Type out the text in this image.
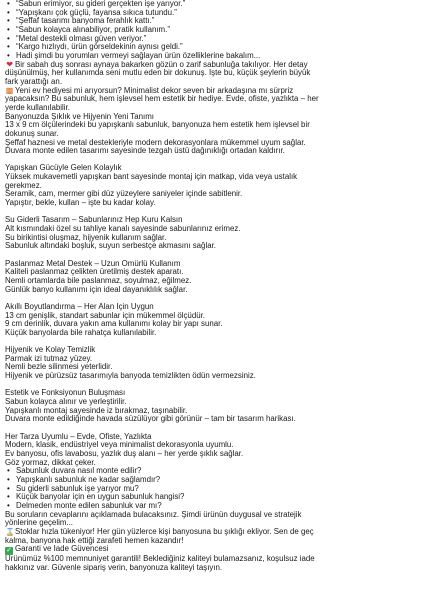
• “Sabun erimiyor, su gideri gerçekten işe yarıyor.”
• “Yapışkanı çok güçlü, fayansa sıkıca tutundu.”
• “Şeffaf tasarımı banyoma ferahlık kattı.”
• “Sabun kolayca alınabiliyor, pratik kullanım.”
• “Metal destekli olması güven veriyor.”
• “Kargo hızlıydı, ürün görseldekinin aynısı geldi.”
• Hadi şimdi bu yorumları vermeyi sağlayan ürün özelliklerine bakalım...
❤ Bir sabah duş sonrası aynaya bakarken gözün o zarif sabunluğa takılıyor. Her detay
düşünülmüş, her kullanımda seni mutlu eden bir dokunuş. İşte bu, küçük şeylerin büyük
fark yarattığı an.
▩ Yeni ev hediyesi mi arıyorsun? Minimalist dekor seven bir arkadaşına mı sürpriz
yapacaksın? Bu sabunluk, hem işlevsel hem estetik bir hediye. Evde, ofiste, yazlıkta – her
yerde kullanılabilir.
Banyonuzda Şıklık ve Hijyenin Yeni Tanımı
13 x 9 cm ölçülerindeki bu yapışkanlı sabunluk, banyonuza hem estetik hem işlevsel bir
dokunuş sunar.
Şeffaf haznesi ve metal destekleriyle modern dekorasyonlara mükemmel uyum sağlar.
Duvara monte edilen tasarımı sayesinde tezgah üstü dağınıklığı ortadan kaldırır.
Yapışkan Gücüyle Gelen Kolaylık
Yüksek mukavemetli yapışkan bant sayesinde montaj için matkap, vida veya ustalık
gerekmez.
Seramik, cam, mermer gibi düz yüzeylere saniyeler içinde sabitlenir.
Yapıştır, bekle, kullan – işte bu kadar kolay.
Su Giderli Tasarım – Sabunlarınız Hep Kuru Kalsın
Alt kısmındaki özel su tahliye kanalı sayesinde sabunlarınız erimez.
Su birikintisi oluşmaz, hijyenik kullanım sağlar.
Sabunluk altındaki boşluk, suyun serbestçe akmasını sağlar.
Paslanmaz Metal Destek – Uzun Ömürlü Kullanım
Kaliteli paslanmaz çelikten üretilmiş destek aparatı.
Nemli ortamlarda bile paslanmaz, soyulmaz, eğilmez.
Günlük banyo kullanımı için ideal dayanıklılık sağlar.
Akıllı Boyutlandırma – Her Alan İçin Uygun
13 cm genişlik, standart sabunlar için mükemmel ölçüdür.
9 cm derinlik, duvara yakın ama kullanımı kolay bir yapı sunar.
Küçük banyolarda bile rahatça kullanılabilir.
Hijyenik ve Kolay Temizlik
Parmak izi tutmaz yüzey.
Nemli bezle silinmesi yeterlidir.
Hijyenik ve pürüzsüz tasarımıyla banyoda temizlikten ödün vermezsiniz.
Estetik ve Fonksiyonun Buluşması
Sabun kolayca alınır ve yerleştirilir.
Yapışkanlı montaj sayesinde iz bırakmaz, taşınabilir.
Duvara monte edildiğinde havada süzülüyor gibi görünür – tam bir tasarım harikası.
Her Tarza Uyumlu – Evde, Ofiste, Yazlıkta
Modern, klasik, endüstriyel veya minimalist dekorasyonla uyumlu.
Ev banyosu, ofis lavabosu, yazlık duş alanı – her yerde şıklık sağlar.
Göz yormaz, dikkat çeker.
• Sabunluk duvara nasıl monte edilir?
• Yapışkanlı sabunluk ne kadar sağlamdır?
• Su giderli sabunluk işe yarıyor mu?
• Küçük banyolar için en uygun sabunluk hangisi?
• Delmeden monte edilen sabunluk var mı?
Bu soruların cevaplarını açıklamada bulacaksınız. Şimdi ürünün duygusal ve stratejik
yönlerine geçelim...
⌛Stoklar hızla tükeniyor! Her gün yüzlerce kişi banyosuna bu şıklığı ekliyor. Sen de geç
kalma, banyona hak ettiği zarafeti hemen kazandır!
✓ Garanti ve İade Güvencesi
Ürünümüz %100 memnuniyet garantili! Beklediğiniz kaliteyi bulamazsanız, koşulsuz iade
hakkınız var. Güvenle sipariş verin, banyonuza kaliteyi taşıyın.
